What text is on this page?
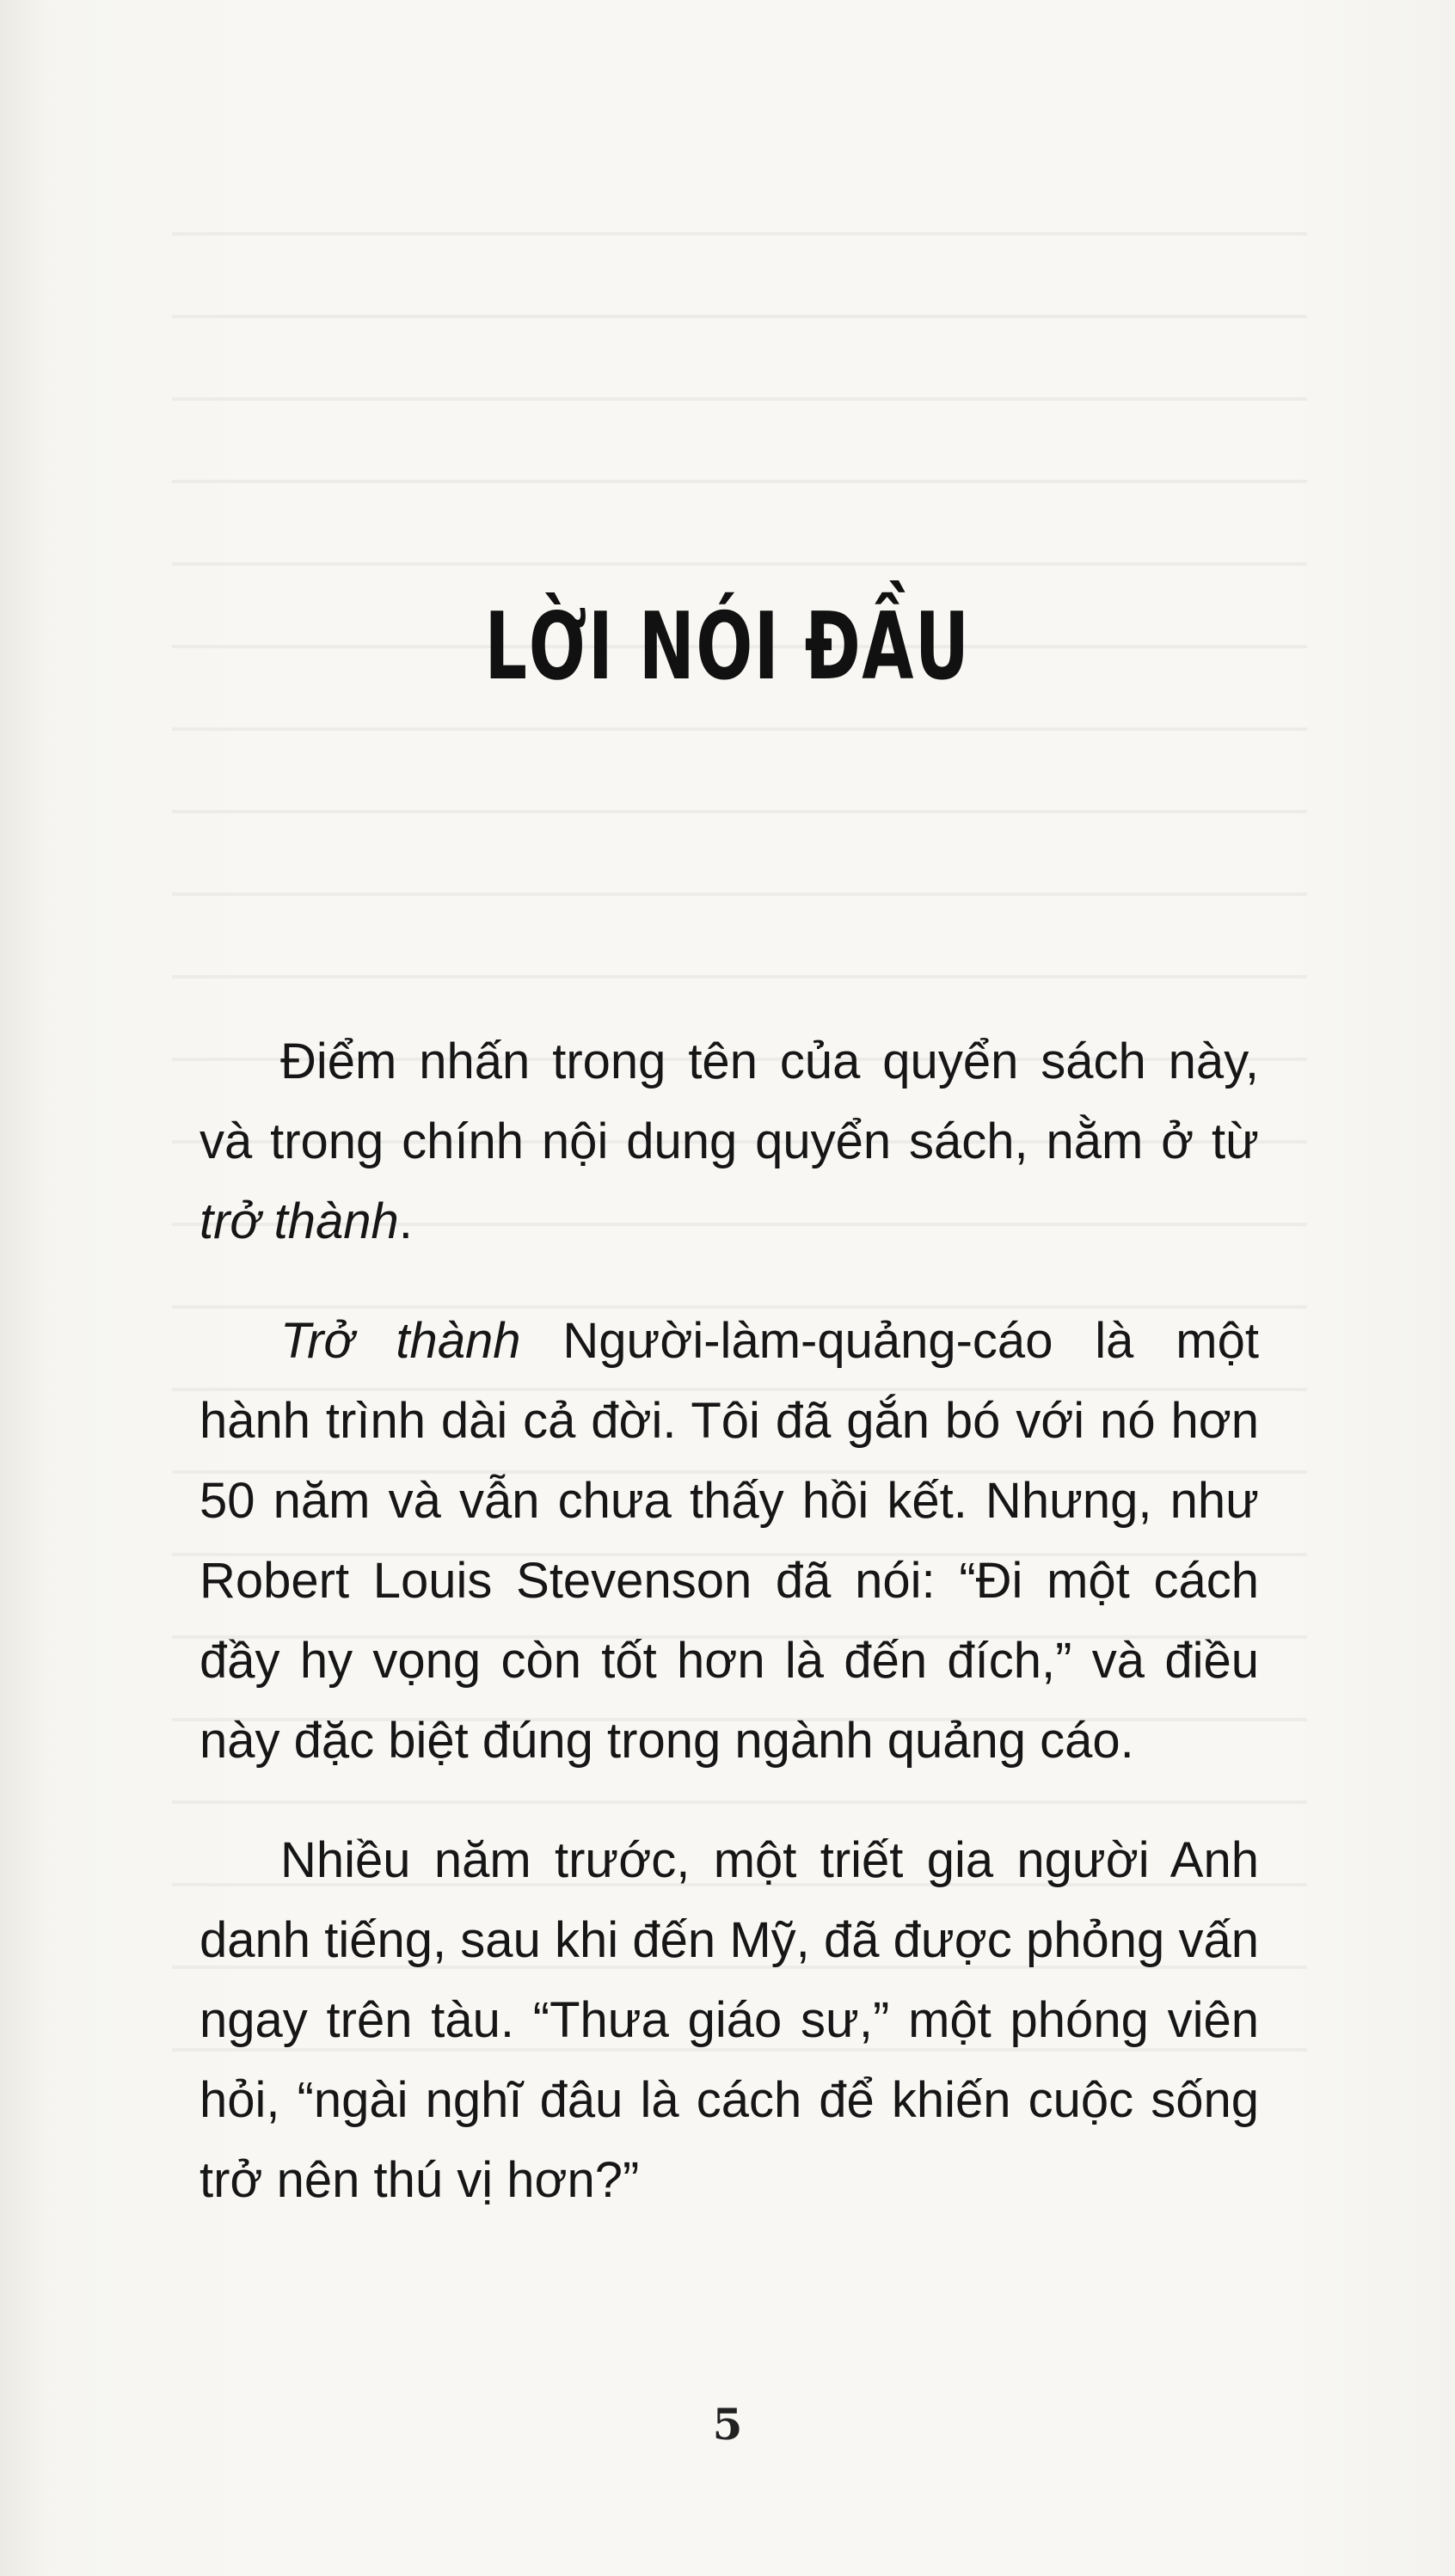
LỜI NÓI ĐẦU

Điểm nhấn trong tên của quyển sách này, và trong chính nội dung quyển sách, nằm ở từ trở thành.

Trở thành Người-làm-quảng-cáo là một hành trình dài cả đời. Tôi đã gắn bó với nó hơn 50 năm và vẫn chưa thấy hồi kết. Nhưng, như Robert Louis Stevenson đã nói: “Đi một cách đầy hy vọng còn tốt hơn là đến đích,” và điều này đặc biệt đúng trong ngành quảng cáo.

Nhiều năm trước, một triết gia người Anh danh tiếng, sau khi đến Mỹ, đã được phỏng vấn ngay trên tàu. “Thưa giáo sư,” một phóng viên hỏi, “ngài nghĩ đâu là cách để khiến cuộc sống trở nên thú vị hơn?”

5
